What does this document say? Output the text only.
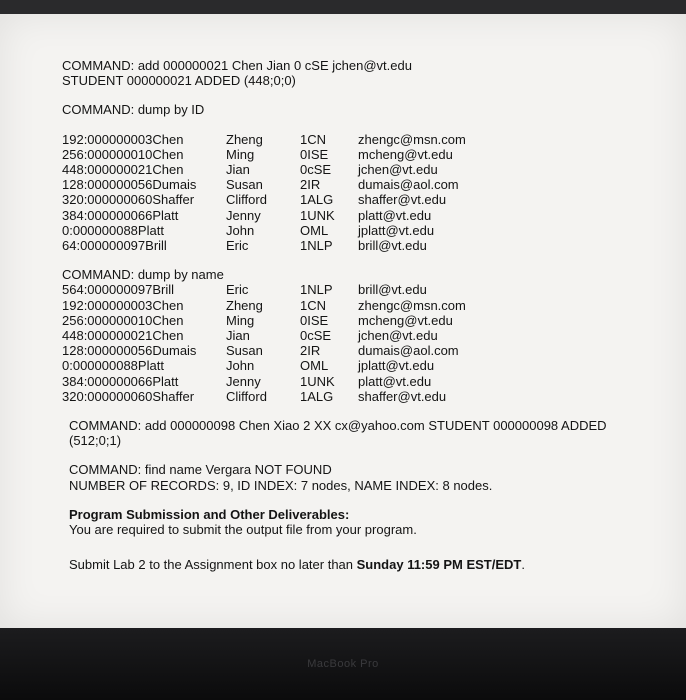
COMMAND: add 000000021 Chen Jian 0 cSE jchen@vt.edu

STUDENT 000000021 ADDED (448;0;0)

COMMAND: dump by ID

192:000000003Chen	Zheng	1CN	zhengc@msn.com
256:000000010Chen	Ming	0ISE	mcheng@vt.edu
448:000000021Chen	Jian	0cSE	jchen@vt.edu
128:000000056Dumais	Susan	2IR	dumais@aol.com
320:000000060Shaffer	Clifford	1ALG	shaffer@vt.edu
384:000000066Platt	Jenny	1UNK	platt@vt.edu
0:000000088Platt	John	OML	jplatt@vt.edu
64:000000097Brill	Eric	1NLP	brill@vt.edu

COMMAND: dump by name

564:000000097Brill	Eric	1NLP	brill@vt.edu
192:000000003Chen	Zheng	1CN	zhengc@msn.com
256:000000010Chen	Ming	0ISE	mcheng@vt.edu
448:000000021Chen	Jian	0cSE	jchen@vt.edu
128:000000056Dumais	Susan	2IR	dumais@aol.com
0:000000088Platt	John	OML	jplatt@vt.edu
384:000000066Platt	Jenny	1UNK	platt@vt.edu
320:000000060Shaffer	Clifford	1ALG	shaffer@vt.edu

COMMAND: add 000000098 Chen Xiao 2 XX cx@yahoo.com STUDENT 000000098 ADDED (512;0;1)

COMMAND: find name Vergara NOT FOUND

NUMBER OF RECORDS: 9, ID INDEX: 7 nodes, NAME INDEX: 8 nodes.

Program Submission and Other Deliverables:

You are required to submit the output file from your program.

Submit Lab 2 to the Assignment box no later than Sunday 11:59 PM EST/EDT.

MacBook Pro
